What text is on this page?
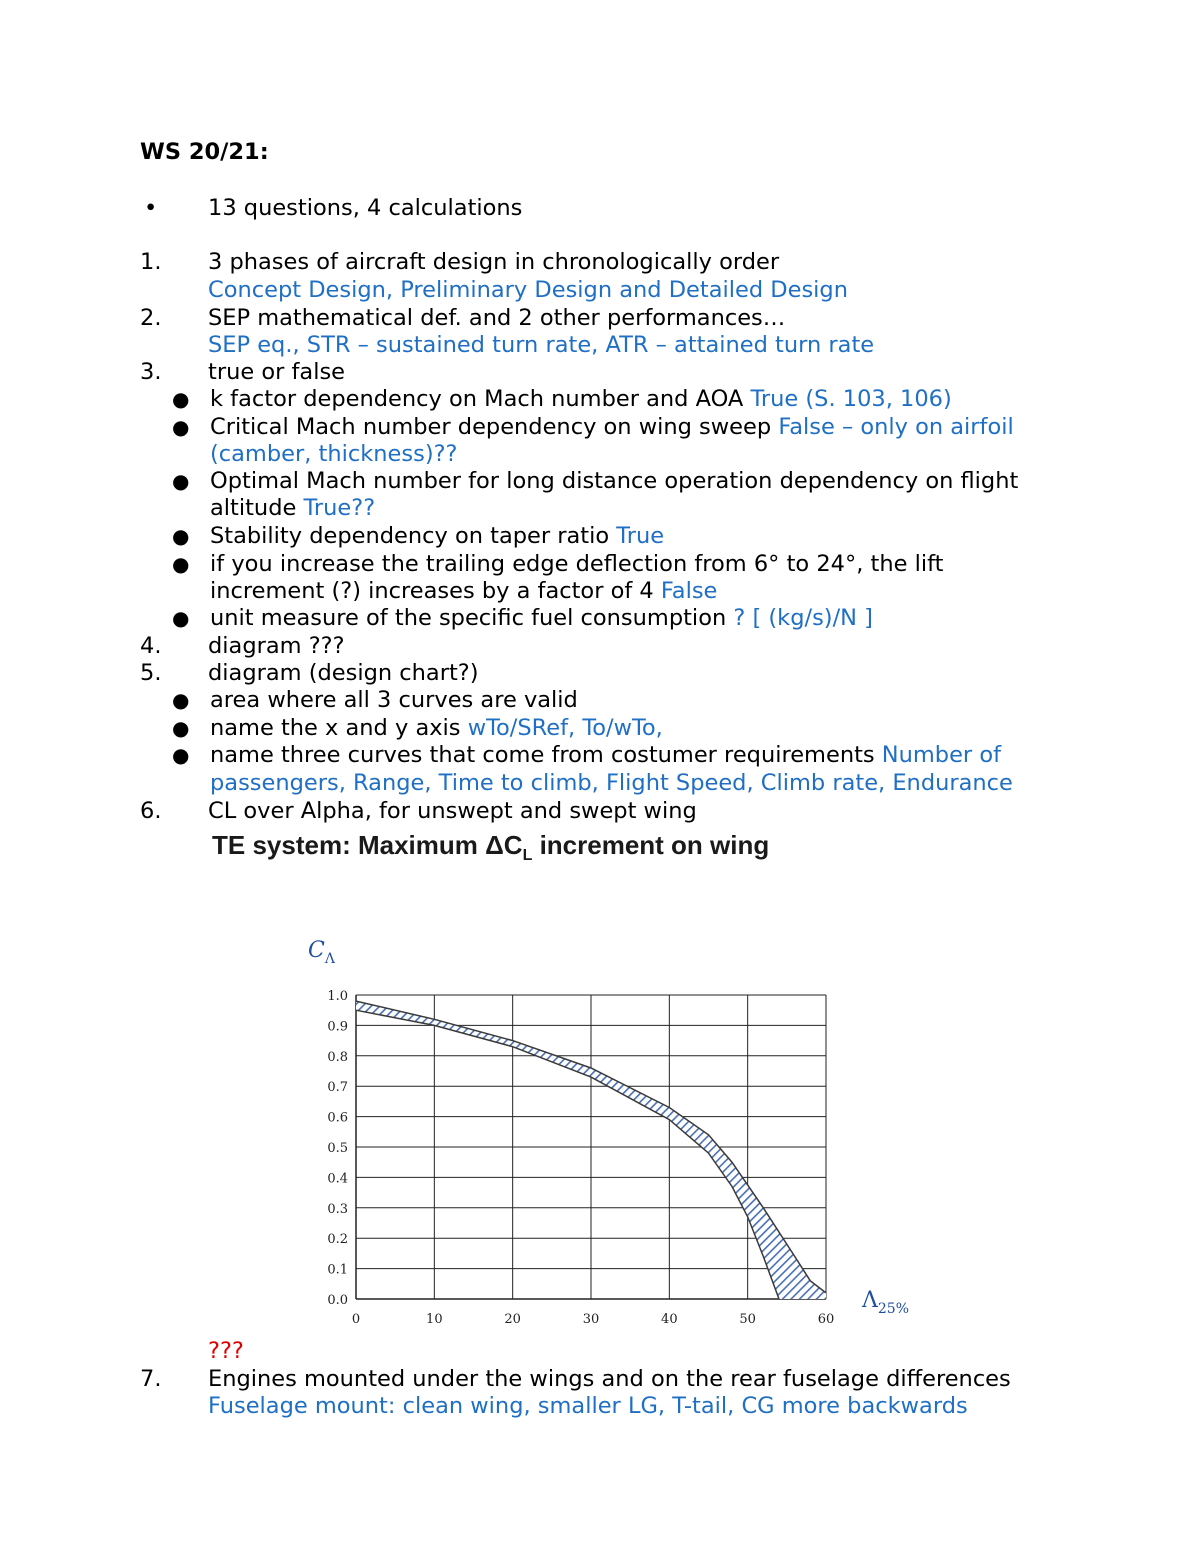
WS 20/21:
• 13 questions, 4 calculations
1. 3 phases of aircraft design in chronologically order
Concept Design, Preliminary Design and Detailed Design
2. SEP mathematical def. and 2 other performances…
SEP eq., STR – sustained turn rate, ATR – attained turn rate
3. true or false
● k factor dependency on Mach number and AOA True (S. 103, 106)
● Critical Mach number dependency on wing sweep False – only on airfoil
(camber, thickness)??
● Optimal Mach number for long distance operation dependency on flight
altitude True??
● Stability dependency on taper ratio True
● if you increase the trailing edge deflection from 6° to 24°, the lift
increment (?) increases by a factor of 4 False
● unit measure of the specific fuel consumption ? [ (kg/s)/N ]
4. diagram ???
5. diagram (design chart?)
● area where all 3 curves are valid
● name the x and y axis wTo/SRef, To/wTo,
● name three curves that come from costumer requirements Number of
passengers, Range, Time to climb, Flight Speed, Climb rate, Endurance
6. CL over Alpha, for unswept and swept wing
TE system: Maximum $\Delta C_L$ increment on wing
0.0
0.1
0.2
0.3
0.4
0.5
0.6
0.7
0.8
0.9
1.0
0	10	20	30	40	50	60
$C_\Lambda$
$\Lambda_{25\%}$
???
7. Engines mounted under the wings and on the rear fuselage differences
Fuselage mount: clean wing, smaller LG, T-tail, CG more backwards
